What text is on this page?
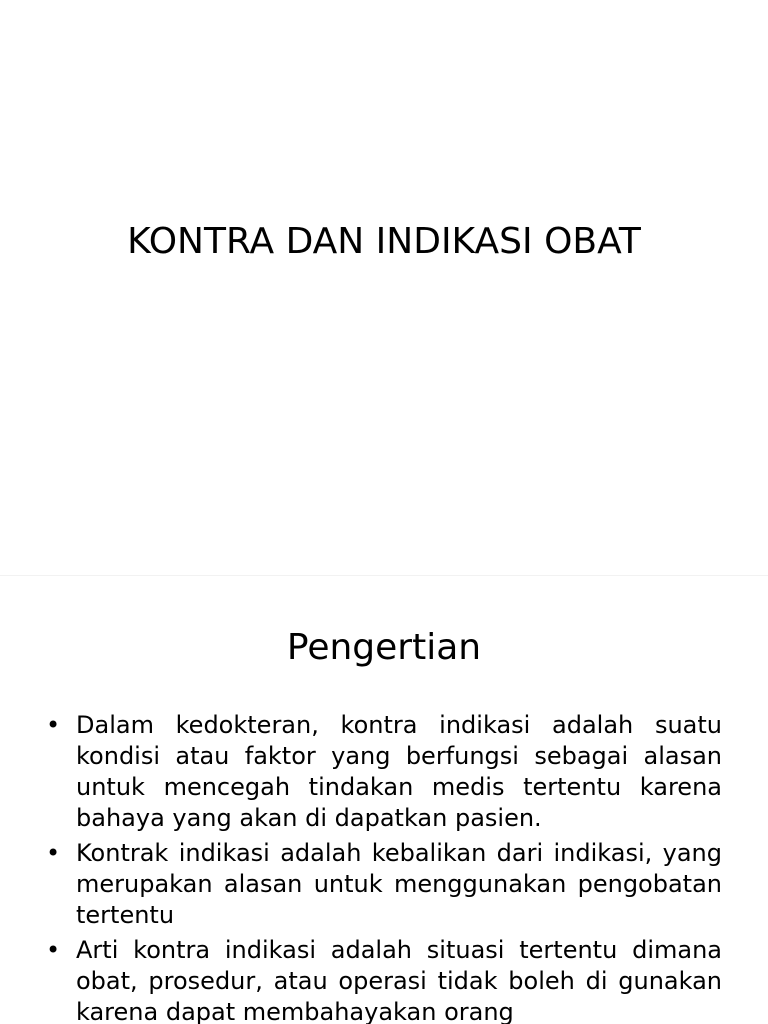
KONTRA DAN INDIKASI OBAT
Pengertian
• Dalam kedokteran, kontra indikasi adalah suatu kondisi atau faktor yang berfungsi sebagai alasan untuk mencegah tindakan medis tertentu karena bahaya yang akan di dapatkan pasien.
• Kontrak indikasi adalah kebalikan dari indikasi, yang merupakan alasan untuk menggunakan pengobatan tertentu
• Arti kontra indikasi adalah situasi tertentu dimana obat, prosedur, atau operasi tidak boleh di gunakan karena dapat membahayakan orang
